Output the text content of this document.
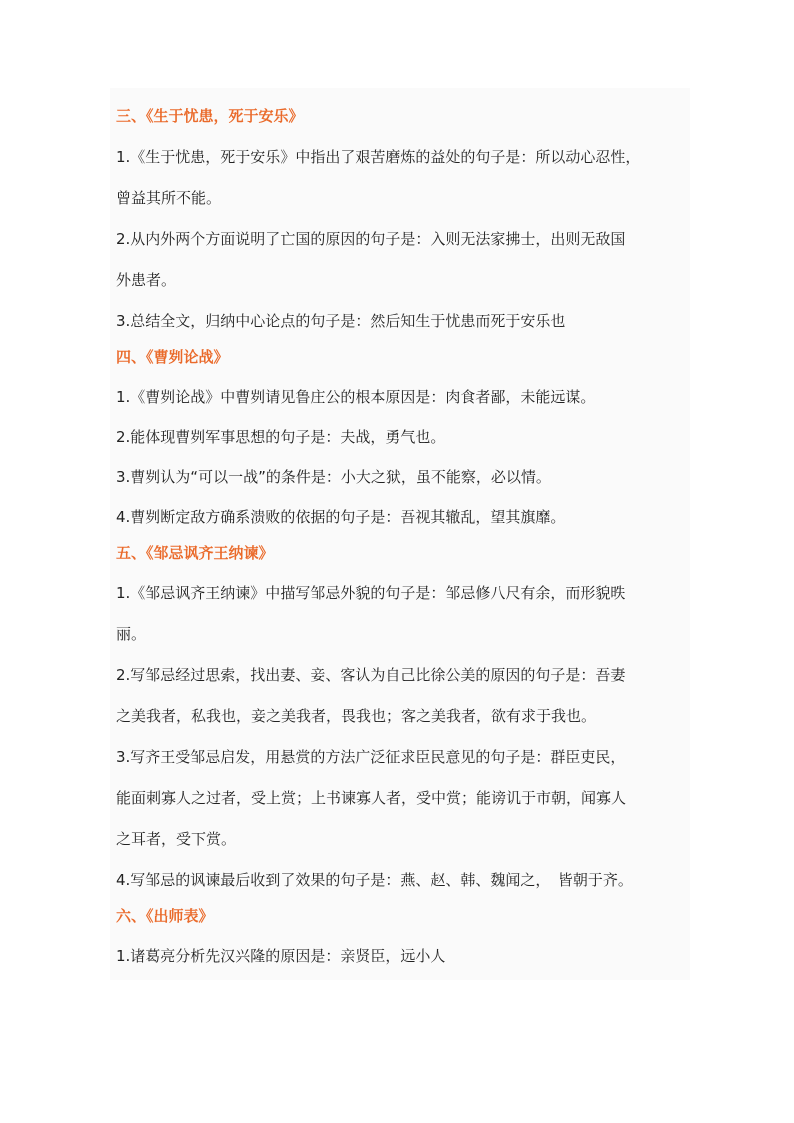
三、《生于忧患，死于安乐》

1.《生于忧患，死于安乐》中指出了艰苦磨炼的益处的句子是：所以动心忍性，

曾益其所不能。

2.从内外两个方面说明了亡国的原因的句子是：入则无法家拂士，出则无敌国

外患者。

3.总结全文，归纳中心论点的句子是：然后知生于忧患而死于安乐也

四、《曹刿论战》

1.《曹刿论战》中曹刿请见鲁庄公的根本原因是：肉食者鄙，未能远谋。

2.能体现曹刿军事思想的句子是：夫战，勇气也。

3.曹刿认为“可以一战”的条件是：小大之狱，虽不能察，必以情。

4.曹刿断定敌方确系溃败的依据的句子是：吾视其辙乱，望其旗靡。

五、《邹忌讽齐王纳谏》

1.《邹忌讽齐王纳谏》中描写邹忌外貌的句子是：邹忌修八尺有余，而形貌昳

丽。

2.写邹忌经过思索，找出妻、妾、客认为自己比徐公美的原因的句子是：吾妻

之美我者，私我也，妾之美我者，畏我也；客之美我者，欲有求于我也。

3.写齐王受邹忌启发，用悬赏的方法广泛征求臣民意见的句子是：群臣吏民，

能面刺寡人之过者，受上赏；上书谏寡人者，受中赏；能谤讥于市朝，闻寡人

之耳者，受下赏。

4.写邹忌的讽谏最后收到了效果的句子是：燕、赵、韩、魏闻之，　皆朝于齐。

六、《出师表》

1.诸葛亮分析先汉兴隆的原因是：亲贤臣，远小人
